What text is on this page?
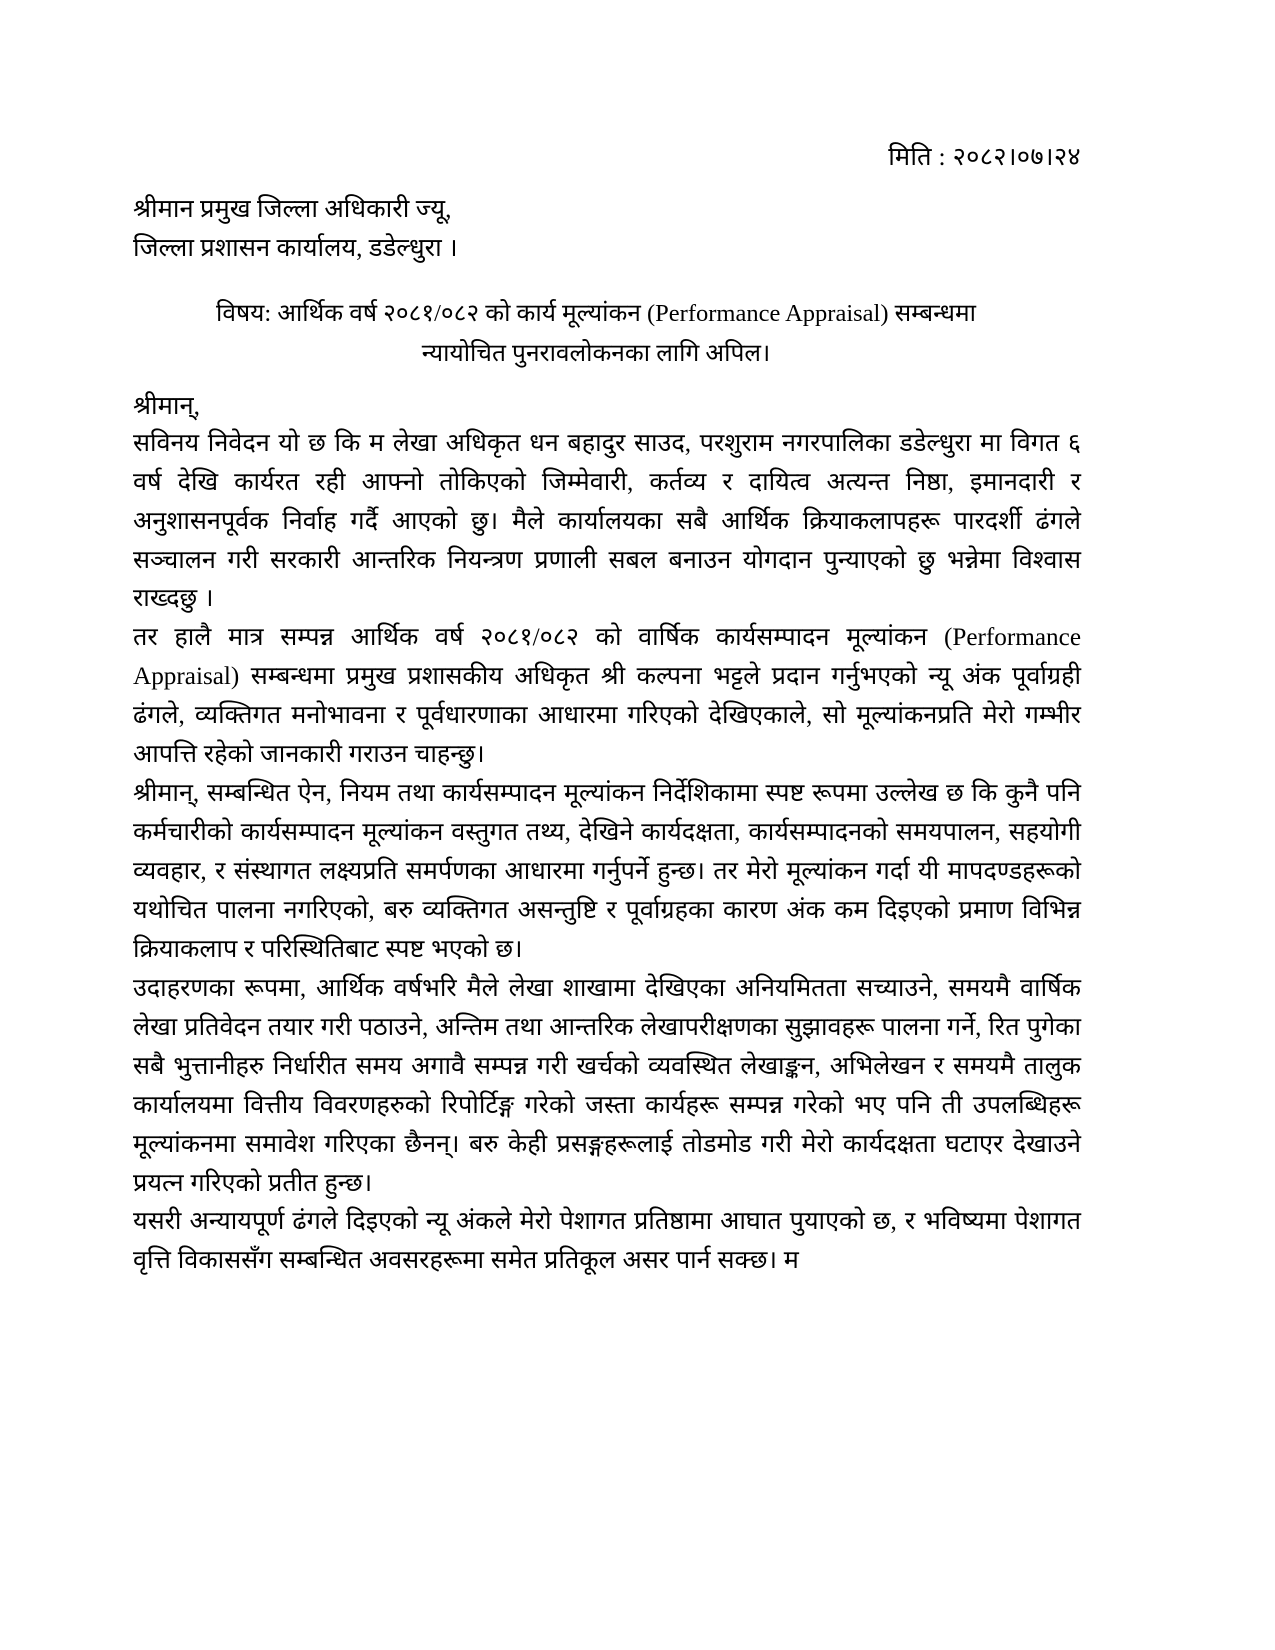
मिति : २०८२।०७।२४
श्रीमान प्रमुख जिल्ला अधिकारी ज्यू,
जिल्ला प्रशासन कार्यालय, डडेल्धुरा ।
विषय: आर्थिक वर्ष २०८१/०८२ को कार्य मूल्यांकन (Performance Appraisal) सम्बन्धमा
न्यायोचित पुनरावलोकनका लागि अपिल।
श्रीमान्,

सविनय निवेदन यो छ कि म लेखा अधिकृत धन बहादुर साउद, परशुराम नगरपालिका डडेल्धुरा मा विगत ६ वर्ष देखि कार्यरत रही आफ्नो तोकिएको जिम्मेवारी, कर्तव्य र दायित्व अत्यन्त निष्ठा, इमानदारी र अनुशासनपूर्वक निर्वाह गर्दै आएको छु। मैले कार्यालयका सबै आर्थिक क्रियाकलापहरू पारदर्शी ढंगले सञ्चालन गरी सरकारी आन्तरिक नियन्त्रण प्रणाली सबल बनाउन योगदान पुन्याएको छु भन्नेमा विश्वास राख्दछु ।

तर हालै मात्र सम्पन्न आर्थिक वर्ष २०८१/०८२ को वार्षिक कार्यसम्पादन मूल्यांकन (Performance Appraisal) सम्बन्धमा प्रमुख प्रशासकीय अधिकृत श्री कल्पना भट्टले प्रदान गर्नुभएको न्यू अंक पूर्वाग्रही ढंगले, व्यक्तिगत मनोभावना र पूर्वधारणाका आधारमा गरिएको देखिएकाले, सो मूल्यांकनप्रति मेरो गम्भीर आपत्ति रहेको जानकारी गराउन चाहन्छु।

श्रीमान्, सम्बन्धित ऐन, नियम तथा कार्यसम्पादन मूल्यांकन निर्देशिकामा स्पष्ट रूपमा उल्लेख छ कि कुनै पनि कर्मचारीको कार्यसम्पादन मूल्यांकन वस्तुगत तथ्य, देखिने कार्यदक्षता, कार्यसम्पादनको समयपालन, सहयोगी व्यवहार, र संस्थागत लक्ष्यप्रति समर्पणका आधारमा गर्नुपर्ने हुन्छ। तर मेरो मूल्यांकन गर्दा यी मापदण्डहरूको यथोचित पालना नगरिएको, बरु व्यक्तिगत असन्तुष्टि र पूर्वाग्रहका कारण अंक कम दिइएको प्रमाण विभिन्न क्रियाकलाप र परिस्थितिबाट स्पष्ट भएको छ।

उदाहरणका रूपमा, आर्थिक वर्षभरि मैले लेखा शाखामा देखिएका अनियमितता सच्याउने, समयमै वार्षिक लेखा प्रतिवेदन तयार गरी पठाउने, अन्तिम तथा आन्तरिक लेखापरीक्षणका सुझावहरू पालना गर्ने, रित पुगेका सबै भुत्तानीहरु निर्धारीत समय अगावै सम्पन्न गरी खर्चको व्यवस्थित लेखाङ्कन, अभिलेखन र समयमै तालुक कार्यालयमा वित्तीय विवरणहरुको रिपोर्टिङ्ग गरेको जस्ता कार्यहरू सम्पन्न गरेको भए पनि ती उपलब्धिहरू मूल्यांकनमा समावेश गरिएका छैनन्। बरु केही प्रसङ्गहरूलाई तोडमोड गरी मेरो कार्यदक्षता घटाएर देखाउने प्रयत्न गरिएको प्रतीत हुन्छ।

यसरी अन्यायपूर्ण ढंगले दिइएको न्यू अंकले मेरो पेशागत प्रतिष्ठामा आघात पुयाएको छ, र भविष्यमा पेशागत वृत्ति विकाससँग सम्बन्धित अवसरहरूमा समेत प्रतिकूल असर पार्न सक्छ। म
